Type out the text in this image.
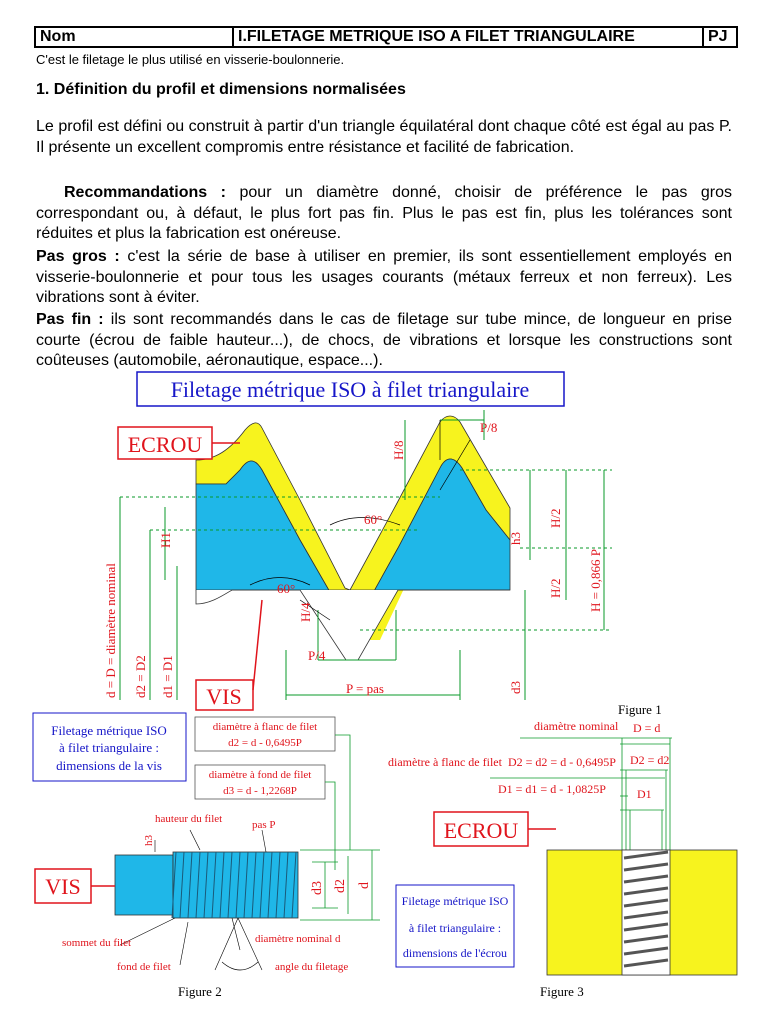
Nom	I.FILETAGE METRIQUE ISO A FILET TRIANGULAIRE	PJ
C'est le filetage le plus utilisé en visserie-boulonnerie.
1. Définition du profil et dimensions normalisées
Le profil est défini ou construit à partir d'un triangle équilatéral dont chaque côté est égal au pas P. Il présente un excellent compromis entre résistance et facilité de fabrication.
Recommandations : pour un diamètre donné, choisir de préférence le pas gros correspondant ou, à défaut, le plus fort pas fin. Plus le pas est fin, plus les tolérances sont réduites et plus la fabrication est onéreuse.
Pas gros : c'est la série de base à utiliser en premier, ils sont essentiellement employés en visserie-boulonnerie et pour tous les usages courants (métaux ferreux et non ferreux). Les vibrations sont à éviter.
Pas fin : ils sont recommandés dans le cas de filetage sur tube mince, de longueur en prise courte (écrou de faible hauteur...), de chocs, de vibrations et lorsque les constructions sont coûteuses (automobile, aéronautique, espace...).
Filetage métrique ISO à filet triangulaire
ECROU
VIS
P/8
60°
60°
P/4
P = pas
H/8
H1	h3
H/2
H/2
H/4
H = 0,866 P
d = D = diamètre nominal d2 = D2 d1 = D1	d3
Figure 1
Filetage métrique ISO
à filet triangulaire :
dimensions de la vis
diamètre à flanc de filet
d2 = d - 0,6495P
diamètre à fond de filet
d3 = d - 1,2268P
VIS
hauteur du filet	pas P
h3
sommet du filet
fond de filet
diamètre nominal d
angle du filetage
d3 d2 d
Figure 2
diamètre nominal D = d
diamètre à flanc de filet D2 = d2 = d - 0,6495P D2 = d2
D1 = d1 = d - 1,0825P	D1
ECROU
Filetage métrique ISO
à filet triangulaire :
dimensions de l'écrou
Figure 3
